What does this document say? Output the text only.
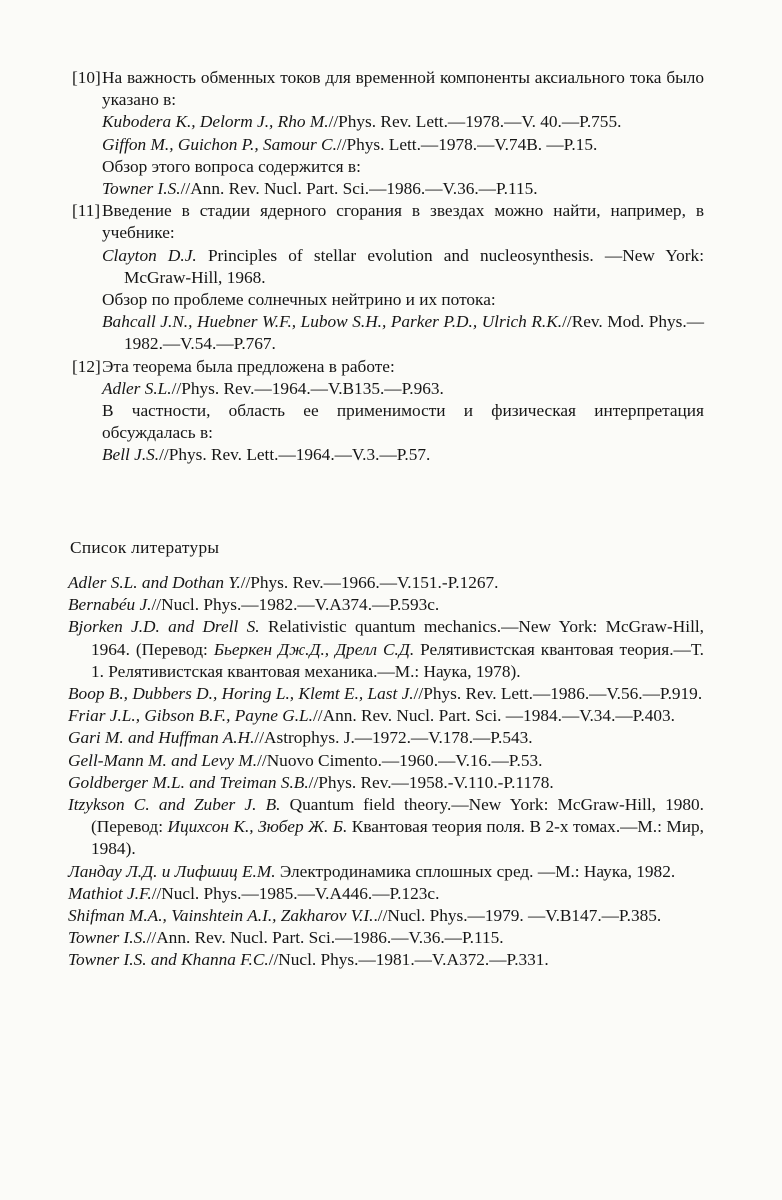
[10] На важность обменных токов для временной компоненты аксиального тока было указано в:
Kubodera K., Delorm J., Rho M.//Phys. Rev. Lett.—1978.—V. 40.—P.755.
Giffon M., Guichon P., Samour C.//Phys. Lett.—1978.—V.74B. —P.15.
Обзор этого вопроса содержится в:
Towner I.S.//Ann. Rev. Nucl. Part. Sci.—1986.—V.36.—P.115.
[11] Введение в стадии ядерного сгорания в звездах можно найти, например, в учебнике:
Clayton D.J. Principles of stellar evolution and nucleosynthesis. —New York: McGraw-Hill, 1968.
Обзор по проблеме солнечных нейтрино и их потока:
Bahcall J.N., Huebner W.F., Lubow S.H., Parker P.D., Ulrich R.K.//Rev. Mod. Phys.—1982.—V.54.—P.767.
[12] Эта теорема была предложена в работе:
Adler S.L.//Phys. Rev.—1964.—V.B135.—P.963.
В частности, область ее применимости и физическая интерпретация обсуждалась в:
Bell J.S.//Phys. Rev. Lett.—1964.—V.3.—P.57.
Список литературы
Adler S.L. and Dothan Y.//Phys. Rev.—1966.—V.151.-P.1267.
Bernabéu J.//Nucl. Phys.—1982.—V.A374.—P.593c.
Bjorken J.D. and Drell S. Relativistic quantum mechanics.—New York: McGraw-Hill, 1964. (Перевод: Бьеркен Дж.Д., Дрелл С.Д. Релятивистская квантовая теория.—Т. 1. Релятивистская квантовая механика.—М.: Наука, 1978).
Boop B., Dubbers D., Horing L., Klemt E., Last J.//Phys. Rev. Lett.—1986.—V.56.—P.919.
Friar J.L., Gibson B.F., Payne G.L.//Ann. Rev. Nucl. Part. Sci. —1984.—V.34.—P.403.
Gari M. and Huffman A.H.//Astrophys. J.—1972.—V.178.—P.543.
Gell-Mann M. and Levy M.//Nuovo Cimento.—1960.—V.16.—P.53.
Goldberger M.L. and Treiman S.B.//Phys. Rev.—1958.-V.110.-P.1178.
Itzykson C. and Zuber J. B. Quantum field theory.—New York: McGraw-Hill, 1980. (Перевод: Ицихсон К., Зюбер Ж. Б. Квантовая теория поля. В 2-х томах.—М.: Мир, 1984).
Ландау Л.Д. и Лифшиц Е.М. Электродинамика сплошных сред. —М.: Наука, 1982.
Mathiot J.F.//Nucl. Phys.—1985.—V.A446.—P.123c.
Shifman M.A., Vainshtein A.I., Zakharov V.I..//Nucl. Phys.—1979. —V.B147.—P.385.
Towner I.S.//Ann. Rev. Nucl. Part. Sci.—1986.—V.36.—P.115.
Towner I.S. and Khanna F.C.//Nucl. Phys.—1981.—V.A372.—P.331.
